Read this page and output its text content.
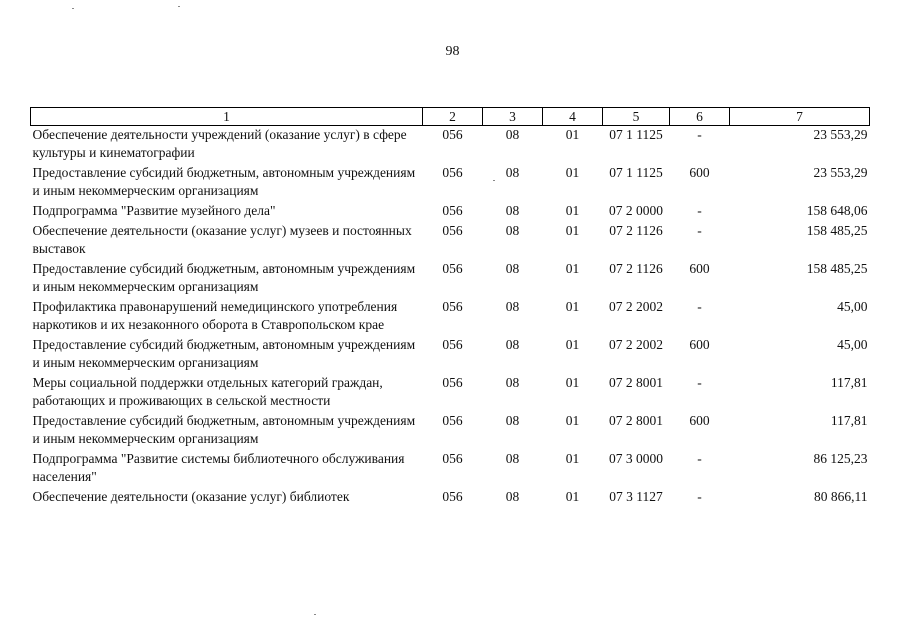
98
1	2	3	4	5	6	7
Обеспечение деятельности учреждений (оказание услуг) в сфере культуры и кинематографии	056	08	01	07 1 1125	-	23 553,29
Предоставление субсидий бюджетным, автономным учреждениям и иным некоммерческим организациям	056	08	01	07 1 1125	600	23 553,29
Подпрограмма "Развитие музейного дела"	056	08	01	07 2 0000	-	158 648,06
Обеспечение деятельности (оказание услуг) музеев и постоянных выставок	056	08	01	07 2 1126	-	158 485,25
Предоставление субсидий бюджетным, автономным учреждениям и иным некоммерческим организациям	056	08	01	07 2 1126	600	158 485,25
Профилактика правонарушений немедицинского употребления наркотиков и их незаконного оборота в Ставропольском крае	056	08	01	07 2 2002	-	45,00
Предоставление субсидий бюджетным, автономным учреждениям и иным некоммерческим организациям	056	08	01	07 2 2002	600	45,00
Меры социальной поддержки отдельных категорий граждан, работающих и проживающих в сельской местности	056	08	01	07 2 8001	-	117,81
Предоставление субсидий бюджетным, автономным учреждениям и иным некоммерческим организациям	056	08	01	07 2 8001	600	117,81
Подпрограмма "Развитие системы библиотечного обслуживания населения"	056	08	01	07 3 0000	-	86 125,23
Обеспечение деятельности (оказание услуг) библиотек	056	08	01	07 3 1127	-	80 866,11
